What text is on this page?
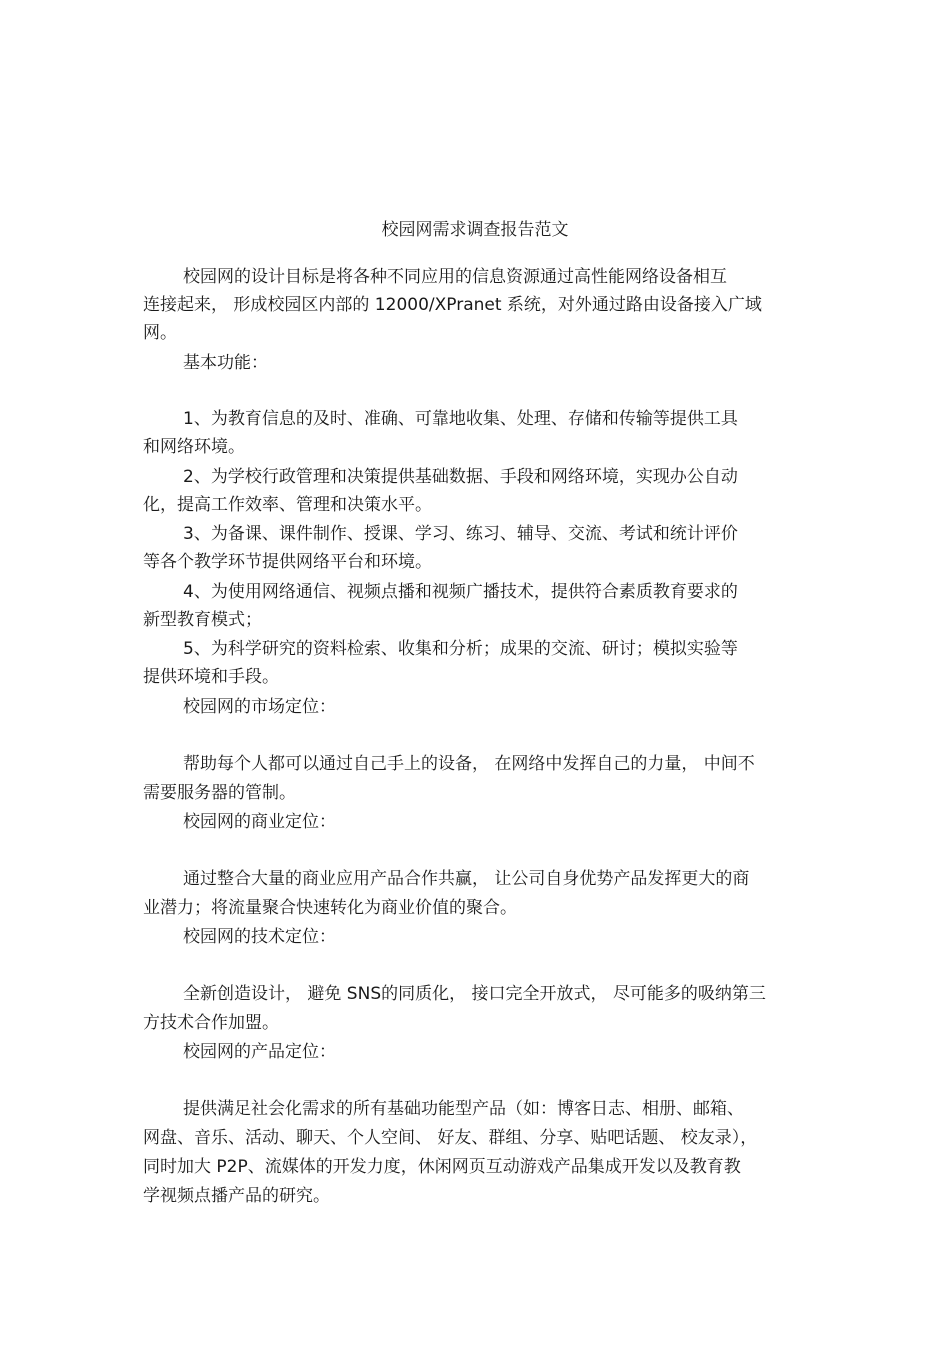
校园网需求调查报告范文
校园网的设计目标是将各种不同应用的信息资源通过高性能网络设备相互
连接起来， 形成校园区内部的 12000/XPranet 系统，对外通过路由设备接入广域
网。
基本功能：
1、为教育信息的及时、准确、可靠地收集、处理、存储和传输等提供工具
和网络环境。
2、为学校行政管理和决策提供基础数据、手段和网络环境，实现办公自动
化，提高工作效率、管理和决策水平。
3、为备课、课件制作、授课、学习、练习、辅导、交流、考试和统计评价
等各个教学环节提供网络平台和环境。
4、为使用网络通信、视频点播和视频广播技术，提供符合素质教育要求的
新型教育模式；
5、为科学研究的资料检索、收集和分析；成果的交流、研讨；模拟实验等
提供环境和手段。
校园网的市场定位：
帮助每个人都可以通过自己手上的设备， 在网络中发挥自己的力量， 中间不
需要服务器的管制。
校园网的商业定位：
通过整合大量的商业应用产品合作共赢， 让公司自身优势产品发挥更大的商
业潜力；将流量聚合快速转化为商业价值的聚合。
校园网的技术定位：
全新创造设计， 避免 SNS的同质化， 接口完全开放式， 尽可能多的吸纳第三
方技术合作加盟。
校园网的产品定位：
提供满足社会化需求的所有基础功能型产品（如：博客日志、相册、邮箱、
网盘、音乐、活动、聊天、个人空间、 好友、群组、分享、贴吧话题、 校友录），
同时加大 P2P、流媒体的开发力度，休闲网页互动游戏产品集成开发以及教育教
学视频点播产品的研究。
